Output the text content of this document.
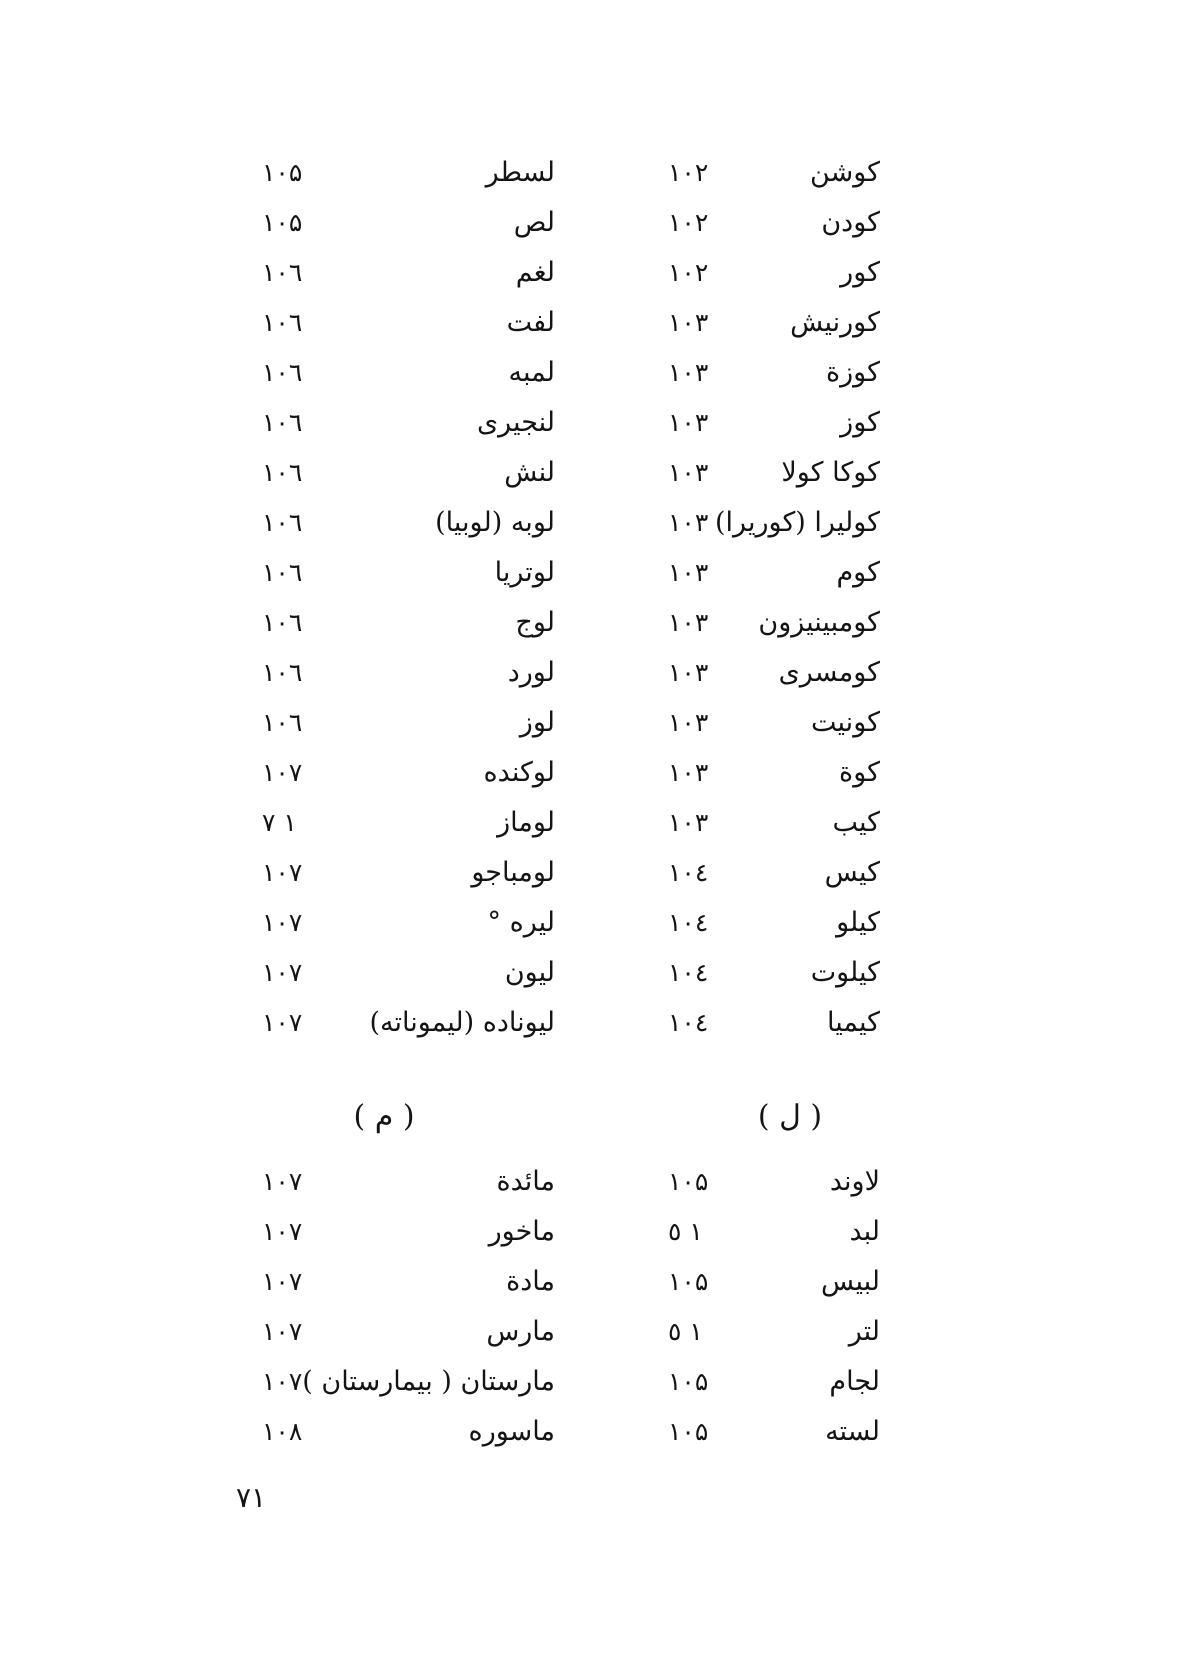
کوشن
۱۰۲
کودن
۱۰۲
کور
۱۰۲
کورنیش
۱۰۳
کوزة
۱۰۳
کوز
۱۰۳
کوکا کولا
۱۰۳
کولیرا (کوریرا)
۱۰۳
کوم
۱۰۳
کومبینیزون
۱۰۳
کومسری
۱۰۳
کونیت
۱۰۳
کوة
۱۰۳
کیب
۱۰۳
کیس
۱۰٤
کیلو
۱۰٤
کیلوت
۱۰٤
کیمیا
۱۰٤
لسطر
۱۰۵
لص
۱۰۵
لغم
۱۰٦
لفت
۱۰٦
لمبه
۱۰٦
لنجیری
۱۰٦
لنش
۱۰٦
لوبه (لوبیا)
۱۰٦
لوتریا
۱۰٦
لوج
۱۰٦
لورد
۱۰٦
لوز
۱۰٦
لوکنده
۱۰۷
لوماز
۱ ۷
لومباجو
۱۰۷
لیره °
۱۰۷
لیون
۱۰۷
لیوناده (لیموناته)
۱۰۷
( ل )
( م )
لاوند
۱۰۵
لبد
۱ ٥
لبیس
۱۰۵
لتر
۱ ٥
لجام
۱۰۵
لسته
۱۰۵
مائدة
۱۰۷
ماخور
۱۰۷
مادة
۱۰۷
مارس
۱۰۷
مارستان ( بیمارستان )
۱۰۷
ماسوره
۱۰۸
۷۱
